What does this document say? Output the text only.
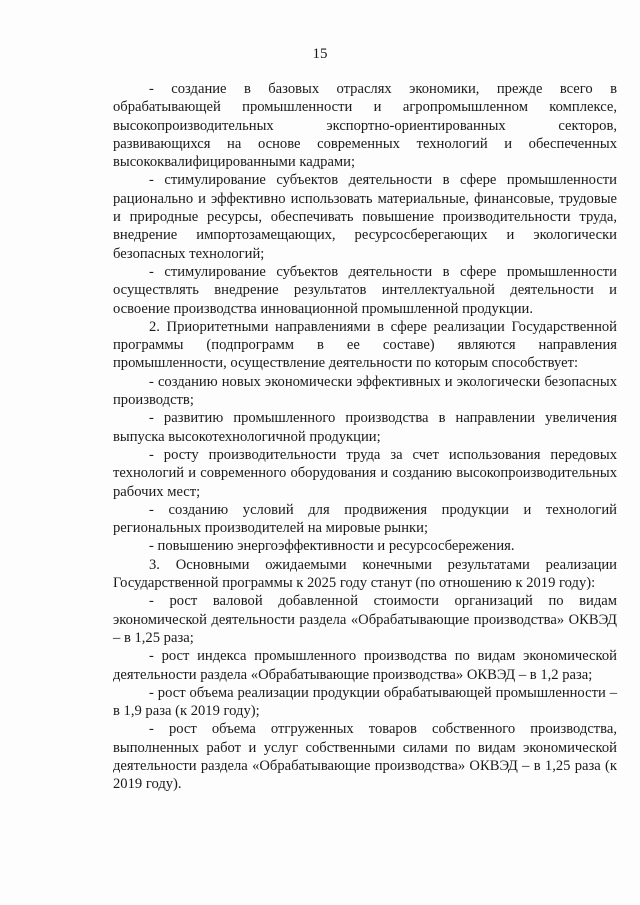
15

- создание в базовых отраслях экономики, прежде всего в обрабатывающей промышленности и агропромышленном комплексе, высокопроизводительных экспортно-ориентированных секторов, развивающихся на основе современных технологий и обеспеченных высококвалифицированными кадрами;

- стимулирование субъектов деятельности в сфере промышленности рационально и эффективно использовать материальные, финансовые, трудовые и природные ресурсы, обеспечивать повышение производительности труда, внедрение импортозамещающих, ресурсосберегающих и экологически безопасных технологий;

- стимулирование субъектов деятельности в сфере промышленности осуществлять внедрение результатов интеллектуальной деятельности и освоение производства инновационной промышленной продукции.

2. Приоритетными направлениями в сфере реализации Государственной программы (подпрограмм в ее составе) являются направления промышленности, осуществление деятельности по которым способствует:

- созданию новых экономически эффективных и экологически безопасных производств;

- развитию промышленного производства в направлении увеличения выпуска высокотехнологичной продукции;

- росту производительности труда за счет использования передовых технологий и современного оборудования и созданию высокопроизводительных рабочих мест;

- созданию условий для продвижения продукции и технологий региональных производителей на мировые рынки;

- повышению энергоэффективности и ресурсосбережения.

3. Основными ожидаемыми конечными результатами реализации Государственной программы к 2025 году станут (по отношению к 2019 году):

- рост валовой добавленной стоимости организаций по видам экономической деятельности раздела «Обрабатывающие производства» ОКВЭД – в 1,25 раза;

- рост индекса промышленного производства по видам экономической деятельности раздела «Обрабатывающие производства» ОКВЭД – в 1,2 раза;

- рост объема реализации продукции обрабатывающей промышленности – в 1,9 раза (к 2019 году);

- рост объема отгруженных товаров собственного производства, выполненных работ и услуг собственными силами по видам экономической деятельности раздела «Обрабатывающие производства» ОКВЭД – в 1,25 раза (к 2019 году).
